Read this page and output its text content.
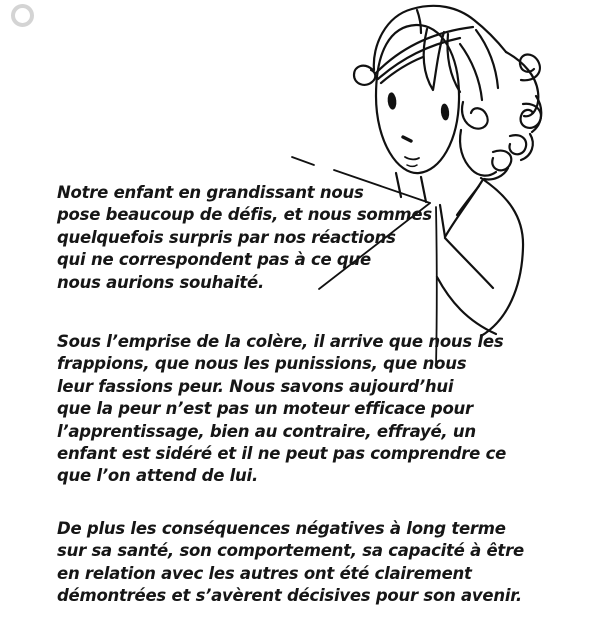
Notre enfant en grandissant nous
pose beaucoup de défis, et nous sommes
quelquefois surpris par nos réactions
qui ne correspondent pas à ce que
nous aurions souhaité.
Sous l’emprise de la colère, il arrive que nous les
frappions, que nous les punissions, que nous
leur fassions peur. Nous savons aujourd’hui
que la peur n’est pas un moteur efficace pour
l’apprentissage, bien au contraire, effrayé, un
enfant est sidéré et il ne peut pas comprendre ce
que l’on attend de lui.
De plus les conséquences négatives à long terme
sur sa santé, son comportement, sa capacité à être
en relation avec les autres ont été clairement
démontrées et s’avèrent décisives pour son avenir.
